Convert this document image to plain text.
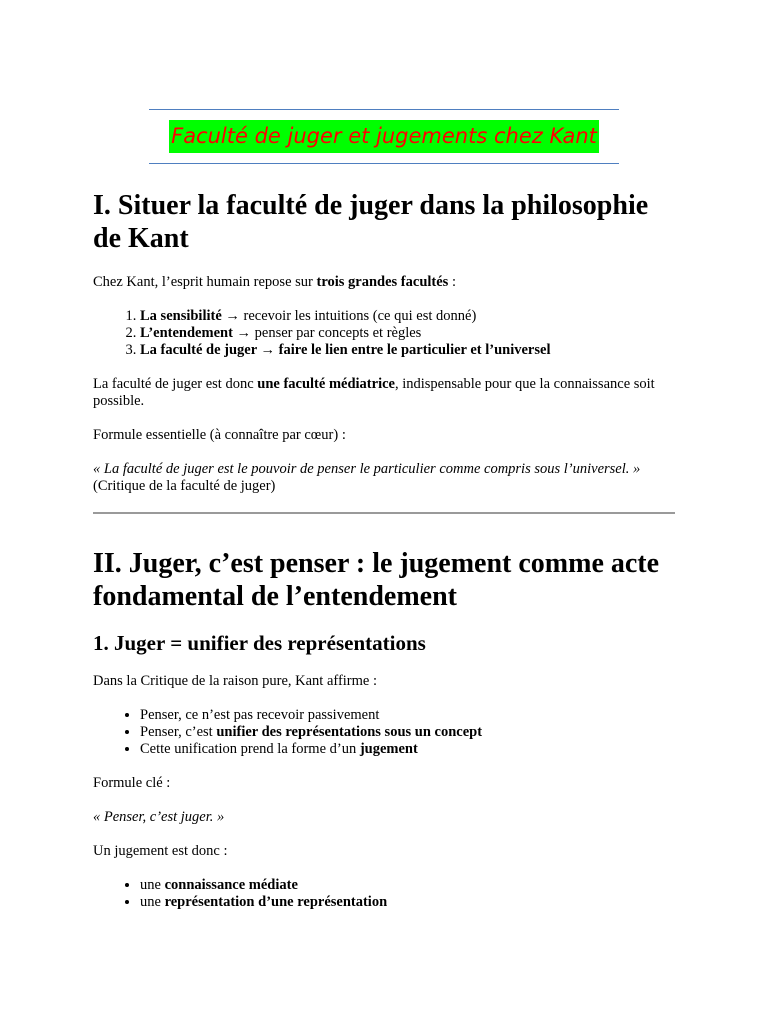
Faculté de juger et jugements chez Kant
I. Situer la faculté de juger dans la philosophie de Kant

Chez Kant, l’esprit humain repose sur trois grandes facultés :

1. La sensibilité → recevoir les intuitions (ce qui est donné)
2. L’entendement → penser par concepts et règles
3. La faculté de juger → faire le lien entre le particulier et l’universel

La faculté de juger est donc une faculté médiatrice, indispensable pour que la connaissance soit possible.

Formule essentielle (à connaître par cœur) :

« La faculté de juger est le pouvoir de penser le particulier comme compris sous l’universel. »

(Critique de la faculté de juger)

II. Juger, c’est penser : le jugement comme acte fondamental de l’entendement
1. Juger = unifier des représentations

Dans la Critique de la raison pure, Kant affirme :

• Penser, ce n’est pas recevoir passivement
• Penser, c’est unifier des représentations sous un concept
• Cette unification prend la forme d’un jugement

Formule clé :

« Penser, c’est juger. »

Un jugement est donc :

• une connaissance médiate
• une représentation d’une représentation
